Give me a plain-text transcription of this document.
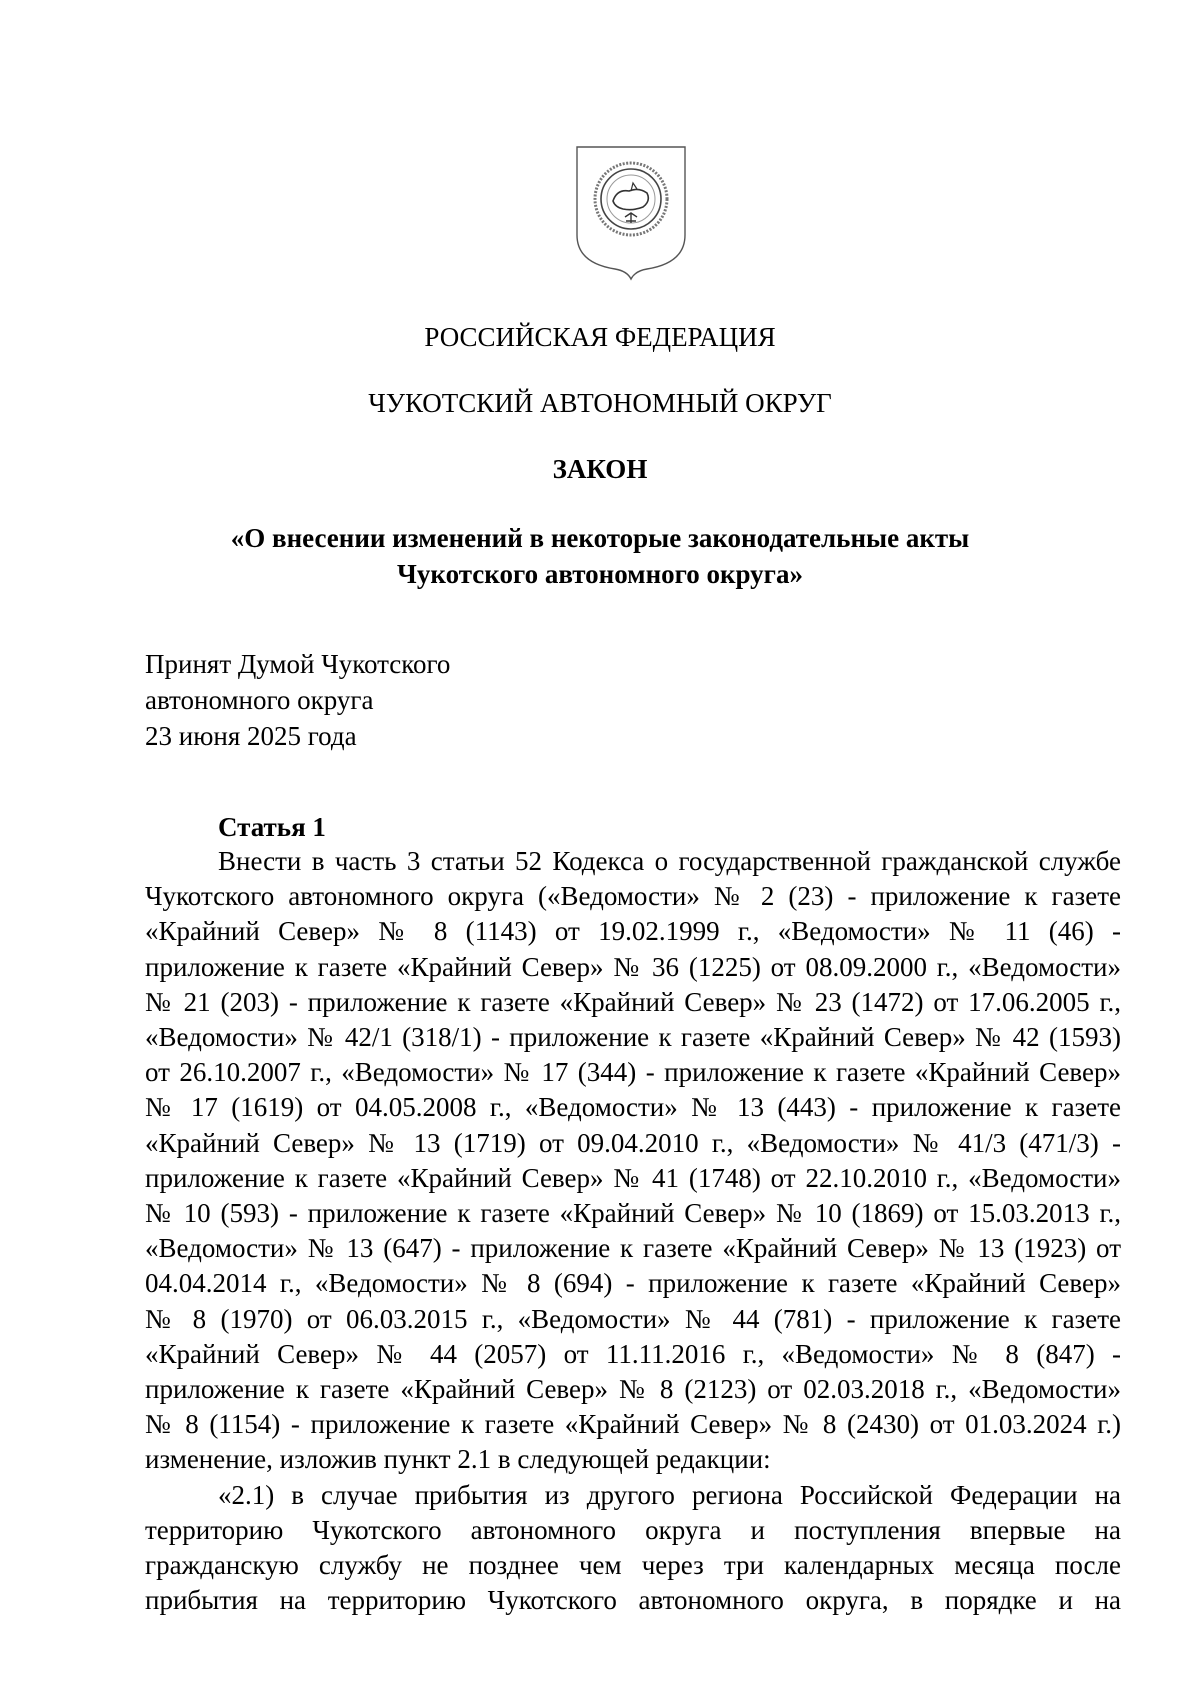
РОССИЙСКАЯ ФЕДЕРАЦИЯ
ЧУКОТСКИЙ АВТОНОМНЫЙ ОКРУГ
ЗАКОН
«О внесении изменений в некоторые законодательные акты
Чукотского автономного округа»
Принят Думой Чукотского
автономного округа
23 июня 2025 года
Статья 1
Внести в часть 3 статьи 52 Кодекса о государственной гражданской службе
Чукотского автономного округа («Ведомости» № 2 (23) - приложение к газете
«Крайний Север» № 8 (1143) от 19.02.1999 г., «Ведомости» № 11 (46) -
приложение к газете «Крайний Север» № 36 (1225) от 08.09.2000 г., «Ведомости»
№ 21 (203) - приложение к газете «Крайний Север» № 23 (1472) от 17.06.2005 г.,
«Ведомости» № 42/1 (318/1) - приложение к газете «Крайний Север» № 42 (1593)
от 26.10.2007 г., «Ведомости» № 17 (344) - приложение к газете «Крайний Север»
№ 17 (1619) от 04.05.2008 г., «Ведомости» № 13 (443) - приложение к газете
«Крайний Север» № 13 (1719) от 09.04.2010 г., «Ведомости» № 41/3 (471/3) -
приложение к газете «Крайний Север» № 41 (1748) от 22.10.2010 г., «Ведомости»
№ 10 (593) - приложение к газете «Крайний Север» № 10 (1869) от 15.03.2013 г.,
«Ведомости» № 13 (647) - приложение к газете «Крайний Север» № 13 (1923) от
04.04.2014 г., «Ведомости» № 8 (694) - приложение к газете «Крайний Север»
№ 8 (1970) от 06.03.2015 г., «Ведомости» № 44 (781) - приложение к газете
«Крайний Север» № 44 (2057) от 11.11.2016 г., «Ведомости» № 8 (847) -
приложение к газете «Крайний Север» № 8 (2123) от 02.03.2018 г., «Ведомости»
№ 8 (1154) - приложение к газете «Крайний Север» № 8 (2430) от 01.03.2024 г.)
изменение, изложив пункт 2.1 в следующей редакции:
«2.1) в случае прибытия из другого региона Российской Федерации на
территорию Чукотского автономного округа и поступления впервые на
гражданскую службу не позднее чем через три календарных месяца после
прибытия на территорию Чукотского автономного округа, в порядке и на
